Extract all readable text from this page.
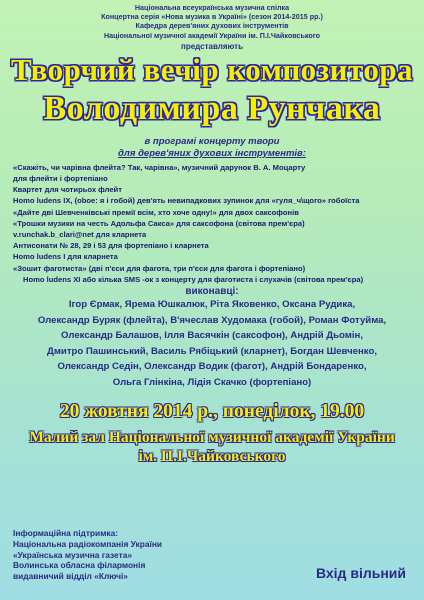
Національна всеукраїнська музична спілка
Концертна серія «Нова музика в Україні» (сезон 2014-2015 рр.)
Кафедра дерев'яних духових інструментів
Національної музичної академії України ім. П.І.Чайковського
представляють
Творчий вечір композитора
Володимира Рунчака
в програмі концерту твори
для дерев'яних духових інструментів:
«Скажіть, чи чарівна флейта? Так, чарівна», музичний дарунок В. А. Моцарту
для флейти і фортепіано
Квартет для чотирьох флейт
Homo ludens IX, (oboe: я і гобой) дев'ять невипадкових зупинок для «гуля_ч\щого» гобоїста
«Дайте дві Шевченківські премії всім, хто хоче одну!» для двох саксофонів
«Трошки музики на честь Адольфа Сакса» для саксофона (світова прем'єра)
v.runchak.b_clari@net для кларнета
Антисонати № 28, 29 і 53 для фортепіано і кларнета
Homo ludens I для кларнета
«Зошит фаготиста» (дві п'єси для фагота, три п'єси для фагота і фортепіано)
Homo ludens XI або кілька SMS -ок з концерту для фаготиста і слухачів (світова прем'єра)
виконавці:
Ігор Єрмак, Ярема Юшкалюк, Ріта Яковенко, Оксана Рудика,
Олександр Буряк (флейта), В'ячеслав Худомака (гобой), Роман Фотуйма,
Олександр Балашов, Ілля Васячкін (саксофон), Андрій Дьомін,
Дмитро Пашинський, Василь Рябіцький (кларнет), Богдан Шевченко,
Олександр Седін, Олександр Водик (фагот), Андрій Бондаренко,
Ольга Глінкіна, Лідія Скачко (фортепіано)
20 жовтня 2014 р., понеділок, 19.00
Малий зал Національної музичної академії України
ім. П.І.Чайковського
Інформаційна підтримка:
Національна радіокомпанія України
«Українська музична газета»
Волинська обласна філармонія
видавничий відділ «Ключі»	Вхід вільний
